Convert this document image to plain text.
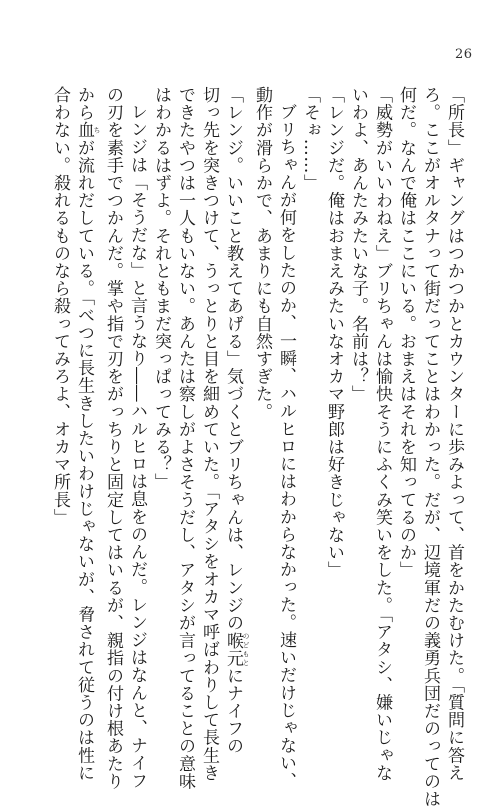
26
「所長」ギャングはつかつかとカウンターに歩みよって、首をかたむけた。「質問に答え
ろ。ここがオルタナって街だってことはわかった。だが、辺境軍だの義勇兵団だのってのは
何だ。なんで俺はここにいる。おまえはそれを知ってるのか」
「威勢がいいわねえ」ブリちゃんは愉快そうにふくみ笑いをした。「アタシ、嫌いじゃな
いわよ、あんたみたいな子。名前は？」
「レンジだ。俺はおまえみたいなオカマ野郎は好きじゃない」
「そぉ……」
ブリちゃんが何をしたのか、一瞬、ハルヒロにはわからなかった。速いだけじゃない、
動作が滑らかで、あまりにも自然すぎた。
「レンジ。いいこと教えてあげる」気づくとブリちゃんは、レンジの喉元 のどもとにナイフの
切っ先を突きつけて、うっとりと目を細めていた。「アタシをオカマ呼ばわりして長生き
できたやつは一人もいない。あんたは察しがよさそうだし、アタシが言ってることの意味
はわかるはずよ。それともまだ突っぱってみる？」
レンジは「そうだな」と言うなり――ハルヒロは息をのんだ。レンジはなんと、ナイフ
の刃を素手でつかんだ。掌や指で刃をがっちりと固定してはいるが、親指の付け根あたり
から血 ちが流れだしている。「べつに長生きしたいわけじゃないが、脅されて従うのは性に
合わない。殺れるものなら殺ってみろよ、オカマ所長」
